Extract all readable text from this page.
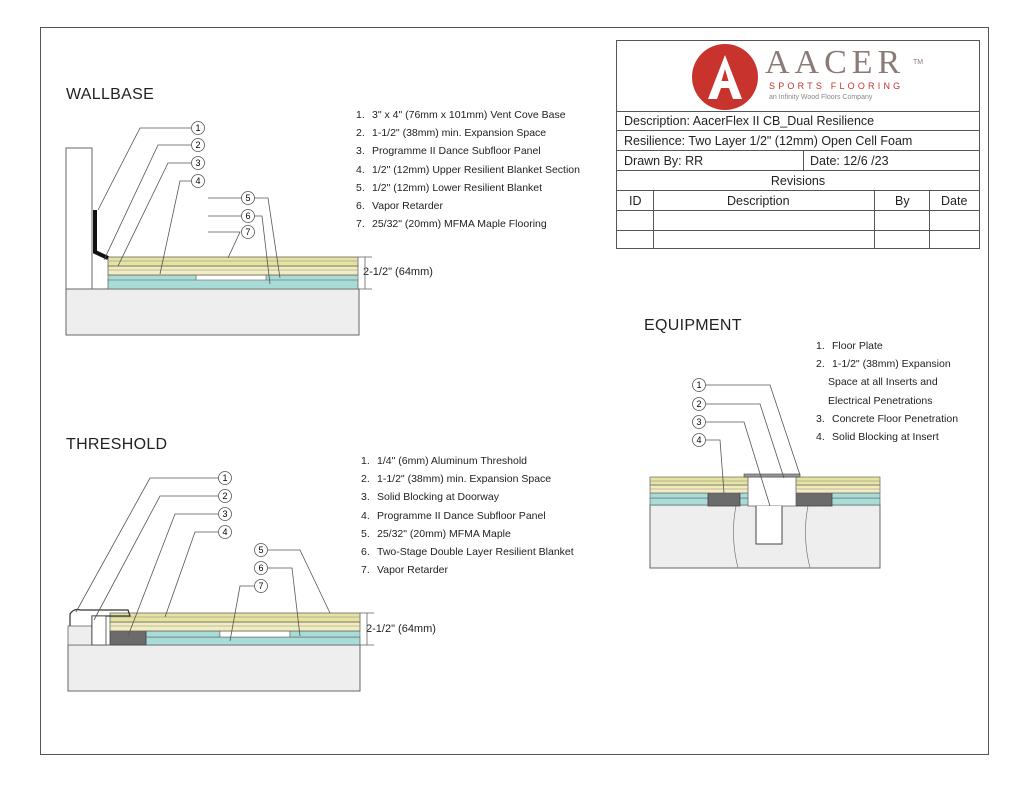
WALLBASE
THRESHOLD
EQUIPMENT
1. 3" x 4" (76mm x 101mm) Vent Cove Base
2. 1-1/2" (38mm) min. Expansion Space
3. Programme II Dance Subfloor Panel
4. 1/2" (12mm) Upper Resilient Blanket Section
5. 1/2" (12mm) Lower Resilient Blanket
6. Vapor Retarder
7. 25/32" (20mm) MFMA Maple Flooring
1. 1/4" (6mm) Aluminum Threshold
2. 1-1/2" (38mm) min. Expansion Space
3. Solid Blocking at Doorway
4. Programme II Dance Subfloor Panel
5. 25/32" (20mm) MFMA Maple
6. Two-Stage Double Layer Resilient Blanket
7. Vapor Retarder
1. Floor Plate
2. 1-1/2" (38mm) Expansion
Space at all Inserts and
Electrical Penetrations
3. Concrete Floor Penetration
4. Solid Blocking at Insert
2-1/2" (64mm)
2-1/2" (64mm)
1
2
3
4
5
6
7
1
2
3
4
5
6
7
1
2
3
4
AACER TM
SPORTS FLOORING
an Infinity Wood Floors Company
Description: AacerFlex II CB_Dual Resilience
Resilience: Two Layer 1/2" (12mm) Open Cell Foam
Drawn By: RR	Date: 12/6 /23
Revisions
ID	Description	By	Date
